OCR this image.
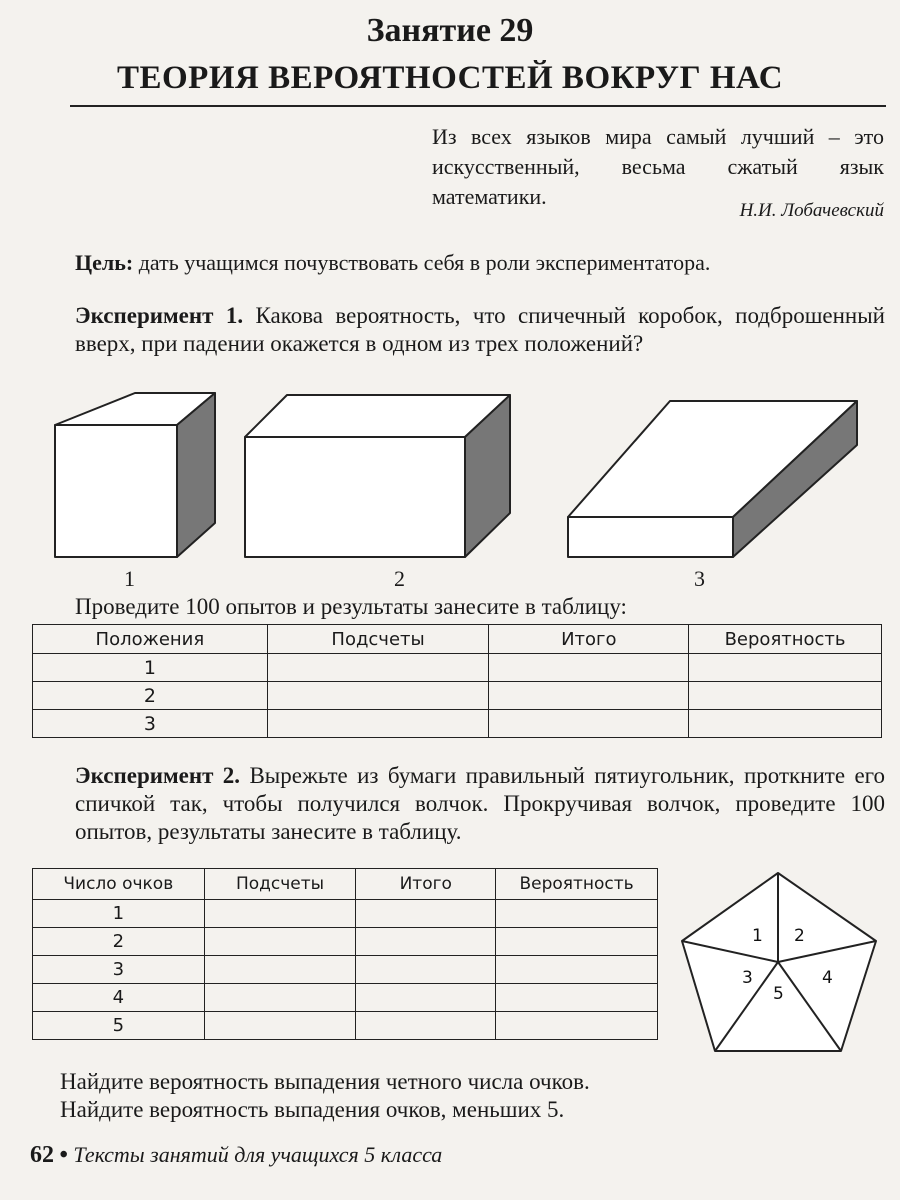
Занятие 29
ТЕОРИЯ ВЕРОЯТНОСТЕЙ ВОКРУГ НАС
Из всех языков мира самый лучший – это искусственный, весьма сжатый язык математики.
Н.И. Лобачевский
Цель: дать учащимся почувствовать себя в роли экспериментатора.
Эксперимент 1. Какова вероятность, что спичечный коробок, подброшенный вверх, при падении окажется в одном из трех положений?
1	2	3
Проведите 100 опытов и результаты занесите в таблицу:
Положения	Подсчеты	Итого	Вероятность
1			
2			
3			
Эксперимент 2. Вырежьте из бумаги правильный пятиугольник, проткните его спичкой так, чтобы получился волчок. Прокручивая волчок, проведите 100 опытов, результаты занесите в таблицу.
Число очков	Подсчеты	Итого	Вероятность
1			
2			
3			
4			
5			
1 2
3	4
5
Найдите вероятность выпадения четного числа очков.
Найдите вероятность выпадения очков, меньших 5.
62 • Тексты занятий для учащихся 5 класса
